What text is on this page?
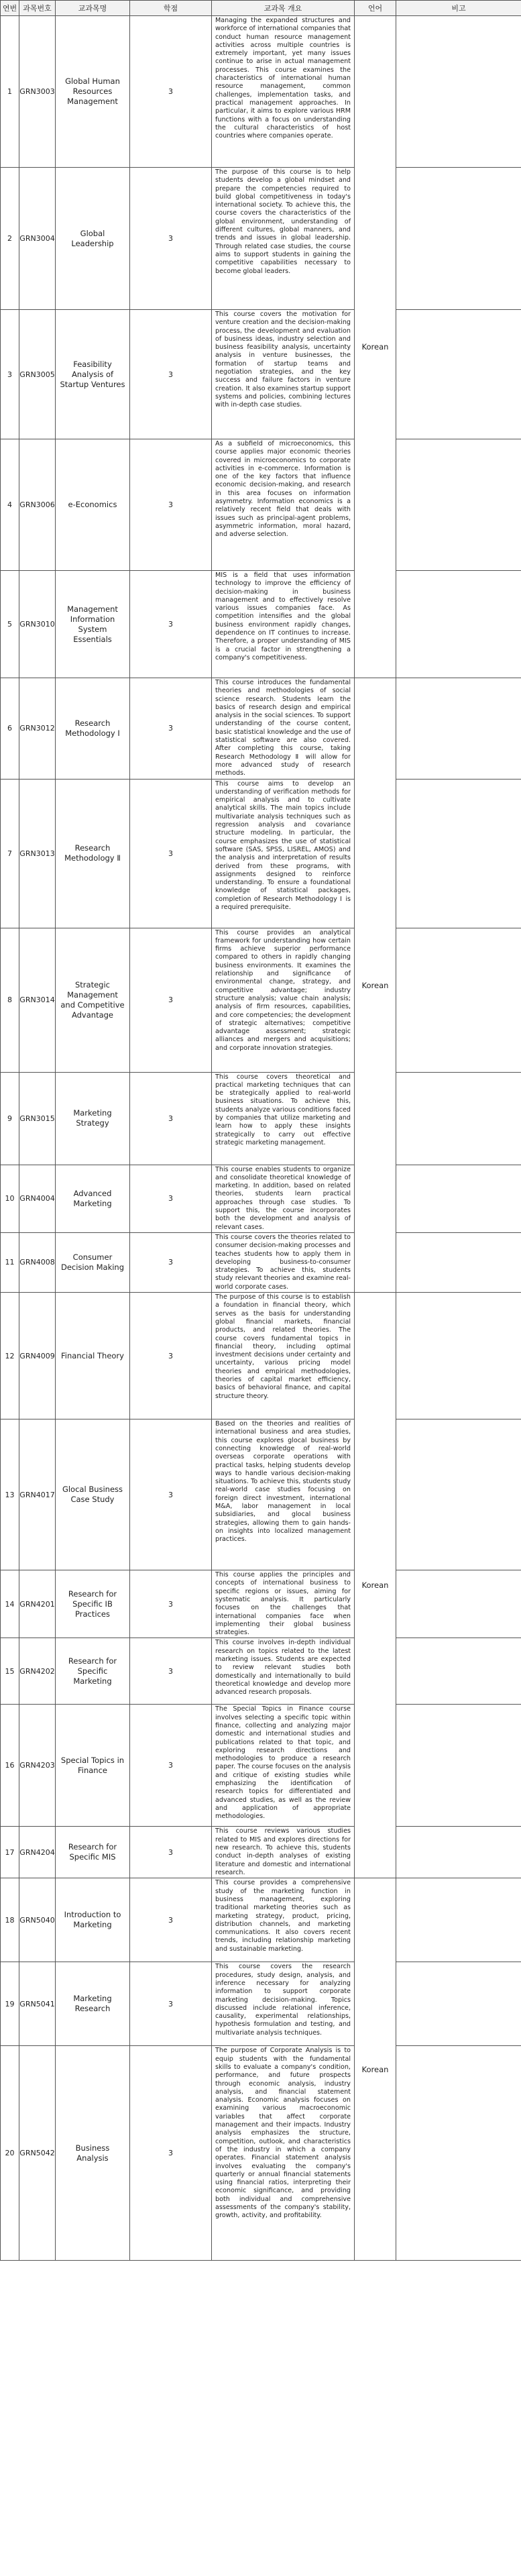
연번	과목번호	교과목명	학점	교과목 개요	언어	비고
1	GRN3003	Global Human Resources Management	3	Managing the expanded structures and workforce of international companies that conduct human resource management activities across multiple countries is extremely important, yet many issues continue to arise in actual management processes. This course examines the characteristics of international human resource management, common challenges, implementation tasks, and practical management approaches. In particular, it aims to explore various HRM functions with a focus on understanding the cultural characteristics of host countries where companies operate.	Korean	
2	GRN3004	Global Leadership	3	The purpose of this course is to help students develop a global mindset and prepare the competencies required to build global competitiveness in today's international society. To achieve this, the course covers the characteristics of the global environment, understanding of different cultures, global manners, and trends and issues in global leadership. Through related case studies, the course aims to support students in gaining the competitive capabilities necessary to become global leaders.		
3	GRN3005	Feasibility Analysis of Startup Ventures	3	This course covers the motivation for venture creation and the decision-making process, the development and evaluation of business ideas, industry selection and business feasibility analysis, uncertainty analysis in venture businesses, the formation of startup teams and negotiation strategies, and the key success and failure factors in venture creation. It also examines startup support systems and policies, combining lectures with in-depth case studies.		
4	GRN3006	e-Economics	3	As a subfield of microeconomics, this course applies major economic theories covered in microeconomics to corporate activities in e-commerce. Information is one of the key factors that influence economic decision-making, and research in this area focuses on information asymmetry. Information economics is a relatively recent field that deals with issues such as principal-agent problems, asymmetric information, moral hazard, and adverse selection.		
5	GRN3010	Management Information System Essentials	3	MIS is a field that uses information technology to improve the efficiency of decision-making in business management and to effectively resolve various issues companies face. As competition intensifies and the global business environment rapidly changes, dependence on IT continues to increase. Therefore, a proper understanding of MIS is a crucial factor in strengthening a company's competitiveness.		
6	GRN3012	Research Methodology Ⅰ	3	This course introduces the fundamental theories and methodologies of social science research. Students learn the basics of research design and empirical analysis in the social sciences. To support understanding of the course content, basic statistical knowledge and the use of statistical software are also covered. After completing this course, taking Research Methodology Ⅱ will allow for more advanced study of research methods.	Korean	
7	GRN3013	Research Methodology Ⅱ	3	This course aims to develop an understanding of verification methods for empirical analysis and to cultivate analytical skills. The main topics include multivariate analysis techniques such as regression analysis and covariance structure modeling. In particular, the course emphasizes the use of statistical software (SAS, SPSS, LISREL, AMOS) and the analysis and interpretation of results derived from these programs, with assignments designed to reinforce understanding. To ensure a foundational knowledge of statistical packages, completion of Research Methodology Ⅰ is a required prerequisite.		
8	GRN3014	Strategic Management and Competitive Advantage	3	This course provides an analytical framework for understanding how certain firms achieve superior performance compared to others in rapidly changing business environments. It examines the relationship and significance of environmental change, strategy, and competitive advantage; industry structure analysis; value chain analysis; analysis of firm resources, capabilities, and core competencies; the development of strategic alternatives; competitive advantage assessment; strategic alliances and mergers and acquisitions; and corporate innovation strategies.		
9	GRN3015	Marketing Strategy	3	This course covers theoretical and practical marketing techniques that can be strategically applied to real-world business situations. To achieve this, students analyze various conditions faced by companies that utilize marketing and learn how to apply these insights strategically to carry out effective strategic marketing management.		
10	GRN4004	Advanced Marketing	3	This course enables students to organize and consolidate theoretical knowledge of marketing. In addition, based on related theories, students learn practical approaches through case studies. To support this, the course incorporates both the development and analysis of relevant cases.		
11	GRN4008	Consumer Decision Making	3	This course covers the theories related to consumer decision-making processes and teaches students how to apply them in developing business-to-consumer strategies. To achieve this, students study relevant theories and examine real-world corporate cases.		
12	GRN4009	Financial Theory	3	The purpose of this course is to establish a foundation in financial theory, which serves as the basis for understanding global financial markets, financial products, and related theories. The course covers fundamental topics in financial theory, including optimal investment decisions under certainty and uncertainty, various pricing model theories and empirical methodologies, theories of capital market efficiency, basics of behavioral finance, and capital structure theory.	Korean	
13	GRN4017	Glocal Business Case Study	3	Based on the theories and realities of international business and area studies, this course explores glocal business by connecting knowledge of real-world overseas corporate operations with practical tasks, helping students develop ways to handle various decision-making situations. To achieve this, students study real-world case studies focusing on foreign direct investment, international M&A, labor management in local subsidiaries, and glocal business strategies, allowing them to gain hands-on insights into localized management practices.		
14	GRN4201	Research for Specific IB Practices	3	This course applies the principles and concepts of international business to specific regions or issues, aiming for systematic analysis. It particularly focuses on the challenges that international companies face when implementing their global business strategies.		
15	GRN4202	Research for Specific Marketing	3	This course involves in-depth individual research on topics related to the latest marketing issues. Students are expected to review relevant studies both domestically and internationally to build theoretical knowledge and develop more advanced research proposals.		
16	GRN4203	Special Topics in Finance	3	The Special Topics in Finance course involves selecting a specific topic within finance, collecting and analyzing major domestic and international studies and publications related to that topic, and exploring research directions and methodologies to produce a research paper. The course focuses on the analysis and critique of existing studies while emphasizing the identification of research topics for differentiated and advanced studies, as well as the review and application of appropriate methodologies.		
17	GRN4204	Research for Specific MIS	3	This course reviews various studies related to MIS and explores directions for new research. To achieve this, students conduct in-depth analyses of existing literature and domestic and international research.		
18	GRN5040	Introduction to Marketing	3	This course provides a comprehensive study of the marketing function in business management, exploring traditional marketing theories such as marketing strategy, product, pricing, distribution channels, and marketing communications. It also covers recent trends, including relationship marketing and sustainable marketing.	Korean	
19	GRN5041	Marketing Research	3	This course covers the research procedures, study design, analysis, and inference necessary for analyzing information to support corporate marketing decision-making. Topics discussed include relational inference, causality, experimental relationships, hypothesis formulation and testing, and multivariate analysis techniques.		
20	GRN5042	Business Analysis	3	The purpose of Corporate Analysis is to equip students with the fundamental skills to evaluate a company's condition, performance, and future prospects through economic analysis, industry analysis, and financial statement analysis. Economic analysis focuses on examining various macroeconomic variables that affect corporate management and their impacts. Industry analysis emphasizes the structure, competition, outlook, and characteristics of the industry in which a company operates. Financial statement analysis involves evaluating the company's quarterly or annual financial statements using financial ratios, interpreting their economic significance, and providing both individual and comprehensive assessments of the company's stability, growth, activity, and profitability.		
